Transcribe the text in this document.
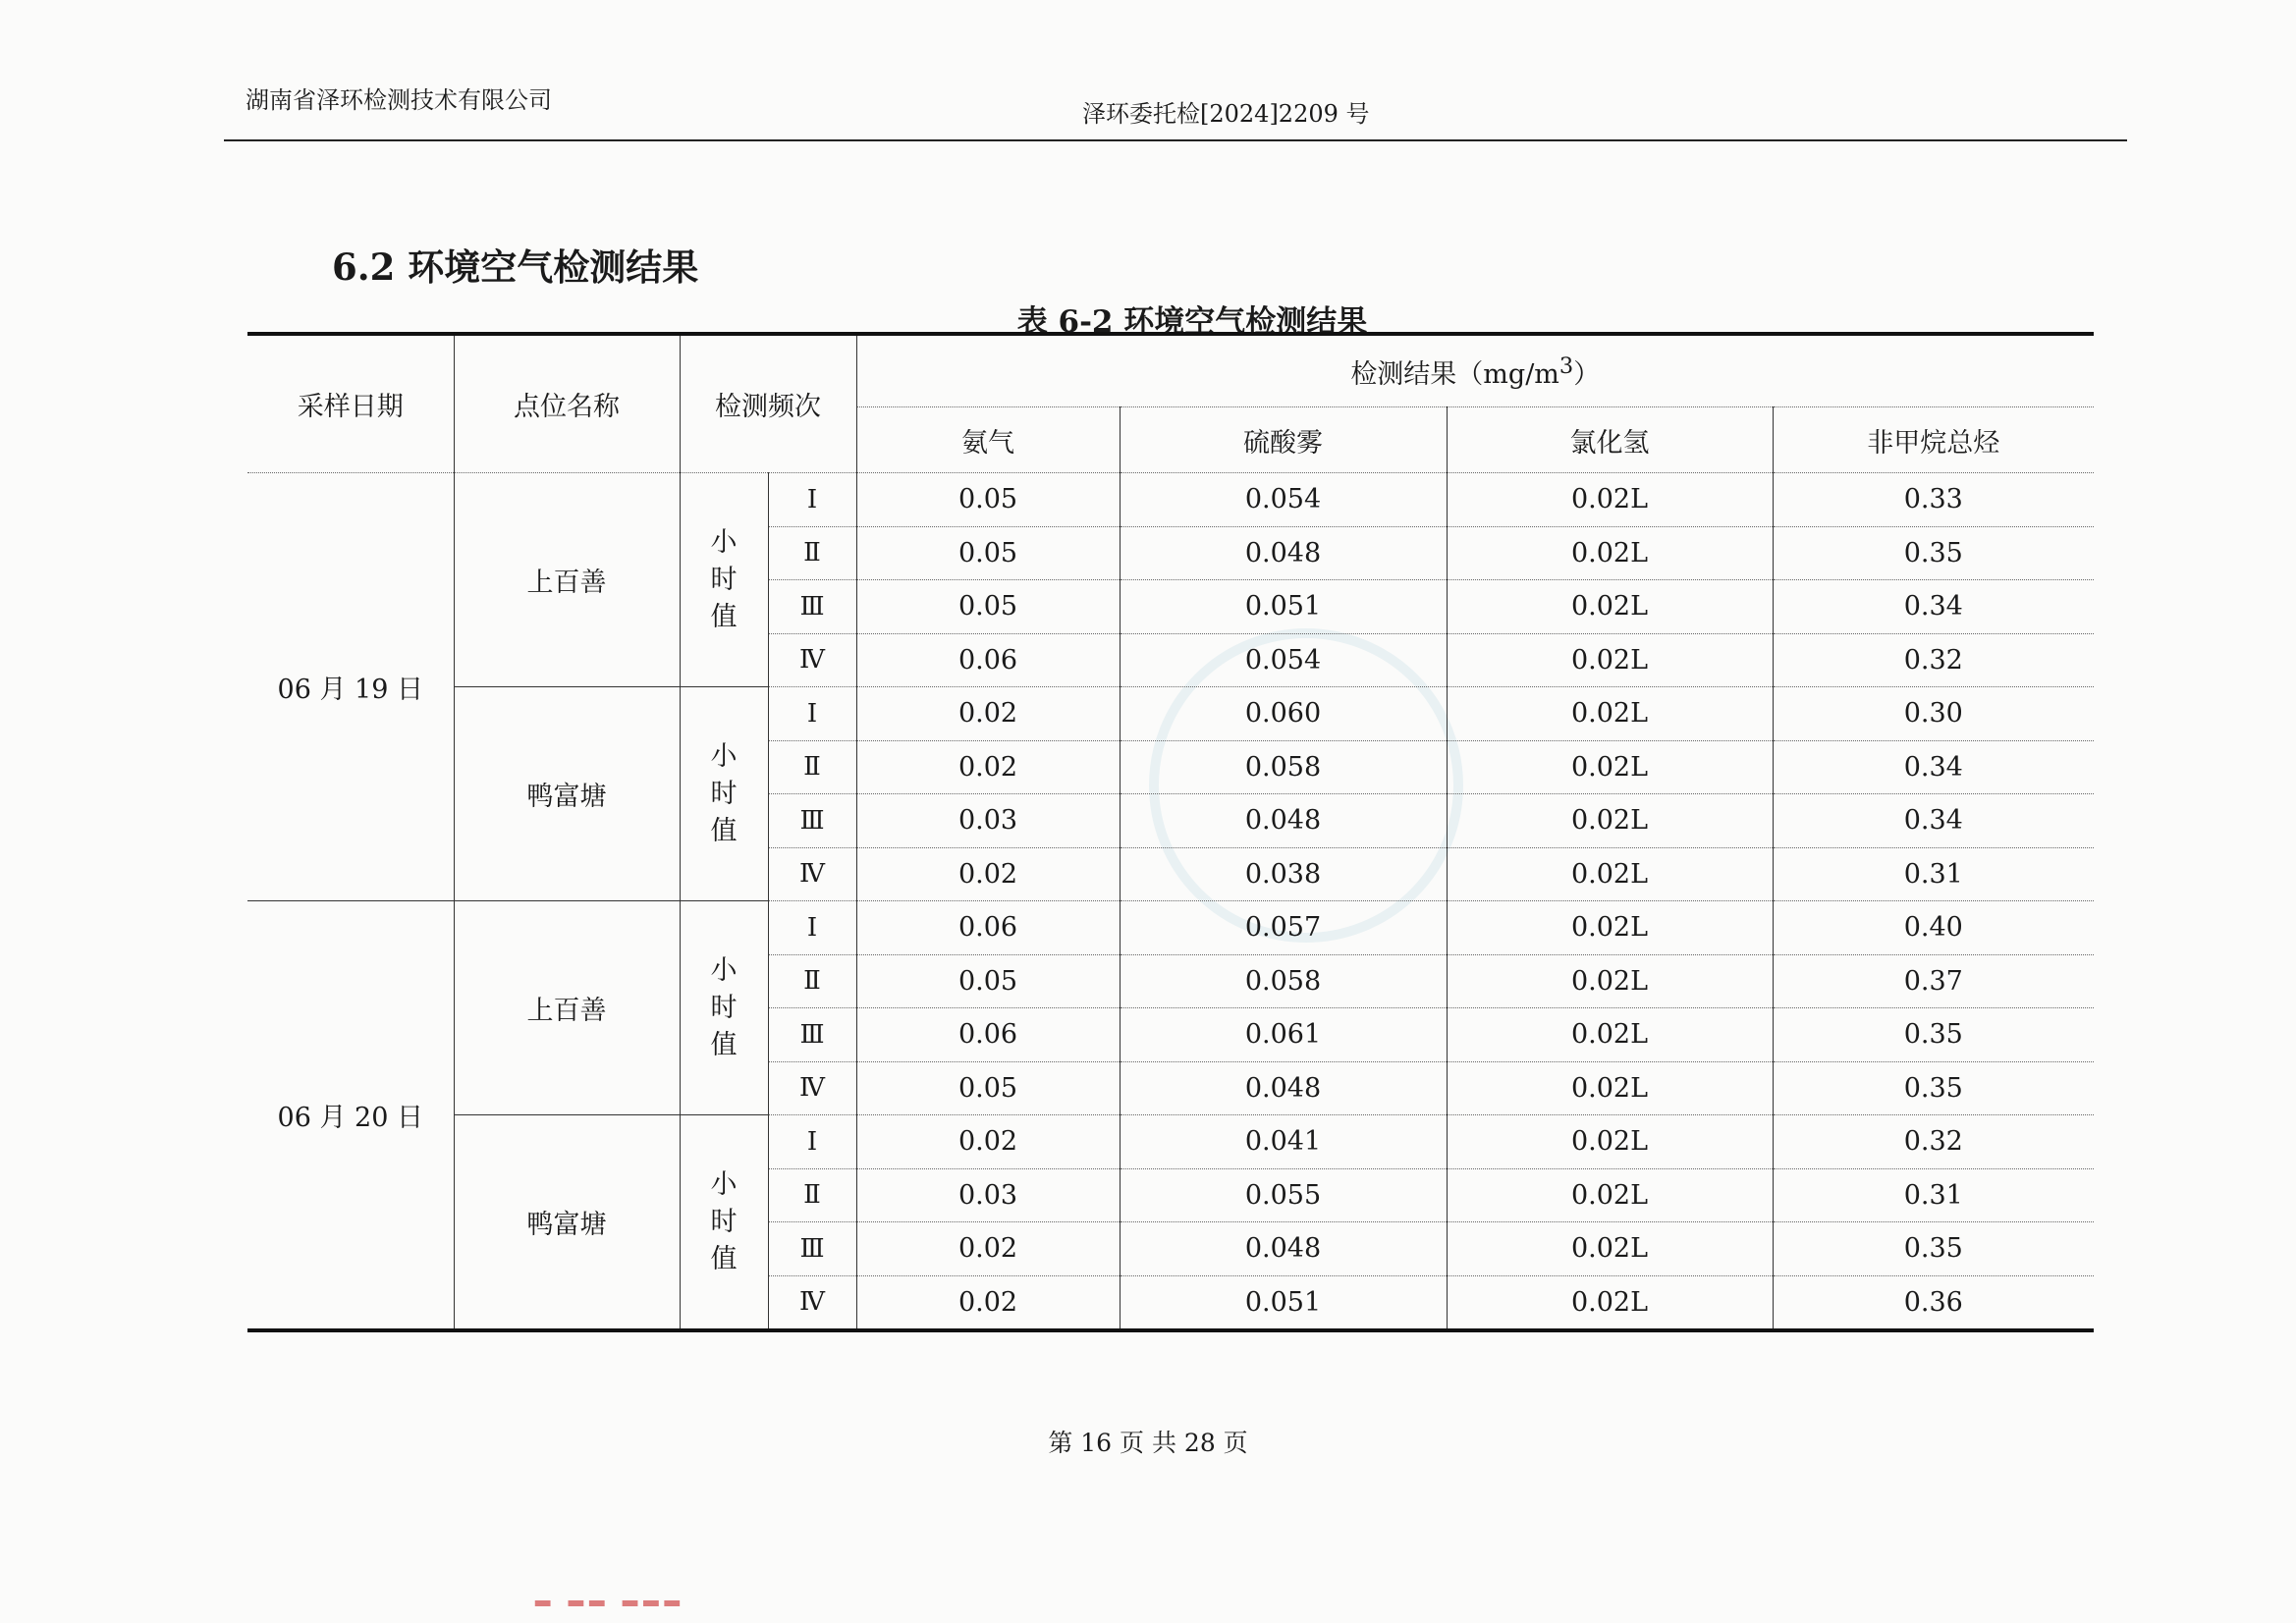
湖南省泽环检测技术有限公司	泽环委托检[2024]2209 号
6.2 环境空气检测结果
表 6-2 环境空气检测结果
采样日期	点位名称	检测频次		检测结果$(mg/m^3)$			
				氨气	硫酸雾	氯化氢	非甲烷总烃
06 月 19 日	上百善	小
时
值	Ⅰ	0.05	0.054	0.02L	0.33
			Ⅱ	0.05	0.048	0.02L	0.35
			Ⅲ	0.05	0.051	0.02L	0.34
			Ⅳ	0.06	0.054	0.02L	0.32
	鸭富塘	小
时
值	Ⅰ	0.02	0.060	0.02L	0.30
			Ⅱ	0.02	0.058	0.02L	0.34
			Ⅲ	0.03	0.048	0.02L	0.34
			Ⅳ	0.02	0.038	0.02L	0.31
06 月 20 日	上百善	小
时
值	Ⅰ	0.06	0.057	0.02L	0.40
			Ⅱ	0.05	0.058	0.02L	0.37
			Ⅲ	0.06	0.061	0.02L	0.35
			Ⅳ	0.05	0.048	0.02L	0.35
	鸭富塘	小
时
值	Ⅰ	0.02	0.041	0.02L	0.32
			Ⅱ	0.03	0.055	0.02L	0.31
			Ⅲ	0.02	0.048	0.02L	0.35
			Ⅳ	0.02	0.051	0.02L	0.36
第 16 页 共 28 页
▂ ▂▂ ▂▂▂
